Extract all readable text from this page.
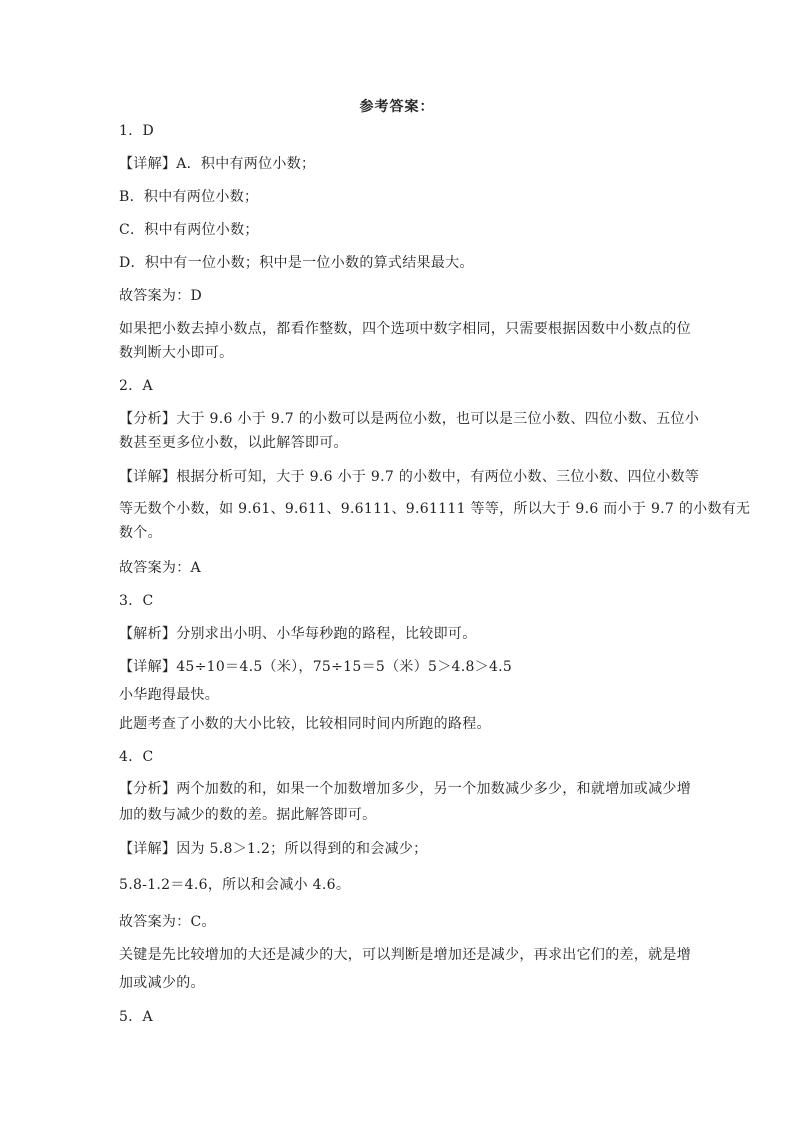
参考答案：
1．D
【详解】A．积中有两位小数；
B．积中有两位小数；
C．积中有两位小数；
D．积中有一位小数；积中是一位小数的算式结果最大。
故答案为：D
如果把小数去掉小数点，都看作整数，四个选项中数字相同，只需要根据因数中小数点的位
数判断大小即可。
2．A
【分析】大于 9.6 小于 9.7 的小数可以是两位小数，也可以是三位小数、四位小数、五位小
数甚至更多位小数，以此解答即可。
【详解】根据分析可知，大于 9.6 小于 9.7 的小数中，有两位小数、三位小数、四位小数等
等无数个小数，如 9.61、9.611、9.6111、9.61111 等等，所以大于 9.6 而小于 9.7 的小数有无
数个。
故答案为：A
3．C
【解析】分别求出小明、小华每秒跑的路程，比较即可。
【详解】45÷10＝4.5（米），75÷15＝5（米）5＞4.8＞4.5
小华跑得最快。
此题考查了小数的大小比较，比较相同时间内所跑的路程。
4．C
【分析】两个加数的和，如果一个加数增加多少，另一个加数减少多少，和就增加或减少增
加的数与减少的数的差。据此解答即可。
【详解】因为 5.8＞1.2；所以得到的和会减少；
5.8-1.2＝4.6，所以和会减小 4.6。
故答案为：C。
关键是先比较增加的大还是减少的大，可以判断是增加还是减少，再求出它们的差，就是增
加或减少的。
5．A
